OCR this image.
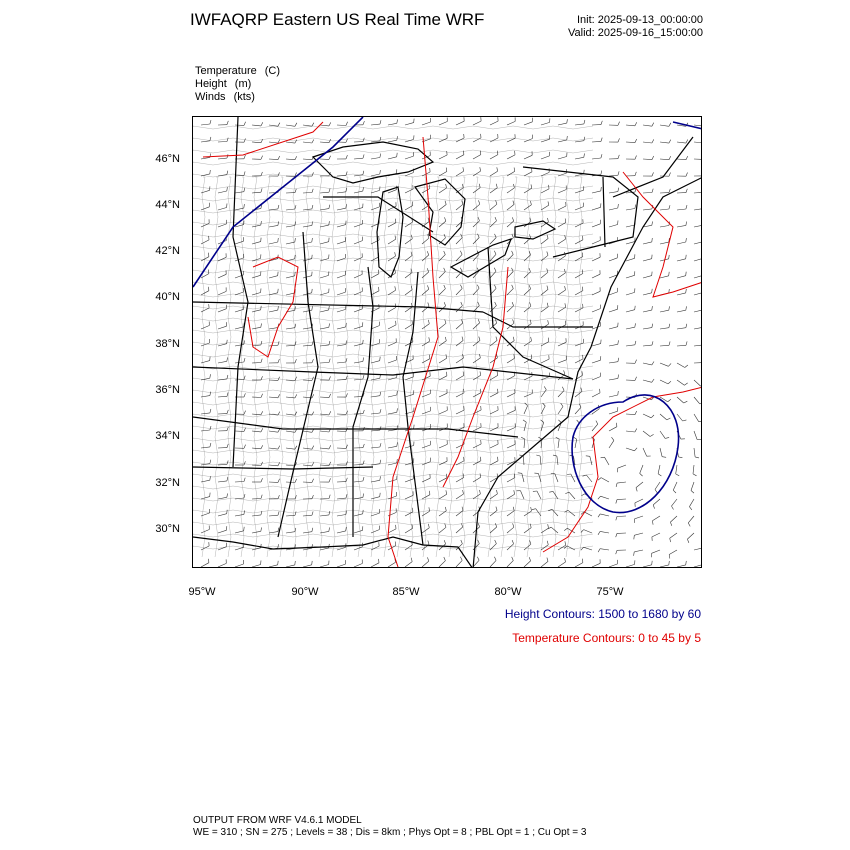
IWFAQRP Eastern US Real Time WRF	Init: 2025-09-13_00:00:00
Valid: 2025-09-16_15:00:00
Temperature (C)
Height (m)
Winds (kts)
46°N
44°N
42°N
40°N
38°N
36°N
34°N
32°N
30°N
95°W	90°W	85°W	80°W	75°W
Height Contours: 1500 to 1680 by 60
Temperature Contours: 0 to 45 by 5
OUTPUT FROM WRF V4.6.1 MODEL
WE = 310 ; SN = 275 ; Levels = 38 ; Dis = 8km ; Phys Opt = 8 ; PBL Opt = 1 ; Cu Opt = 3
